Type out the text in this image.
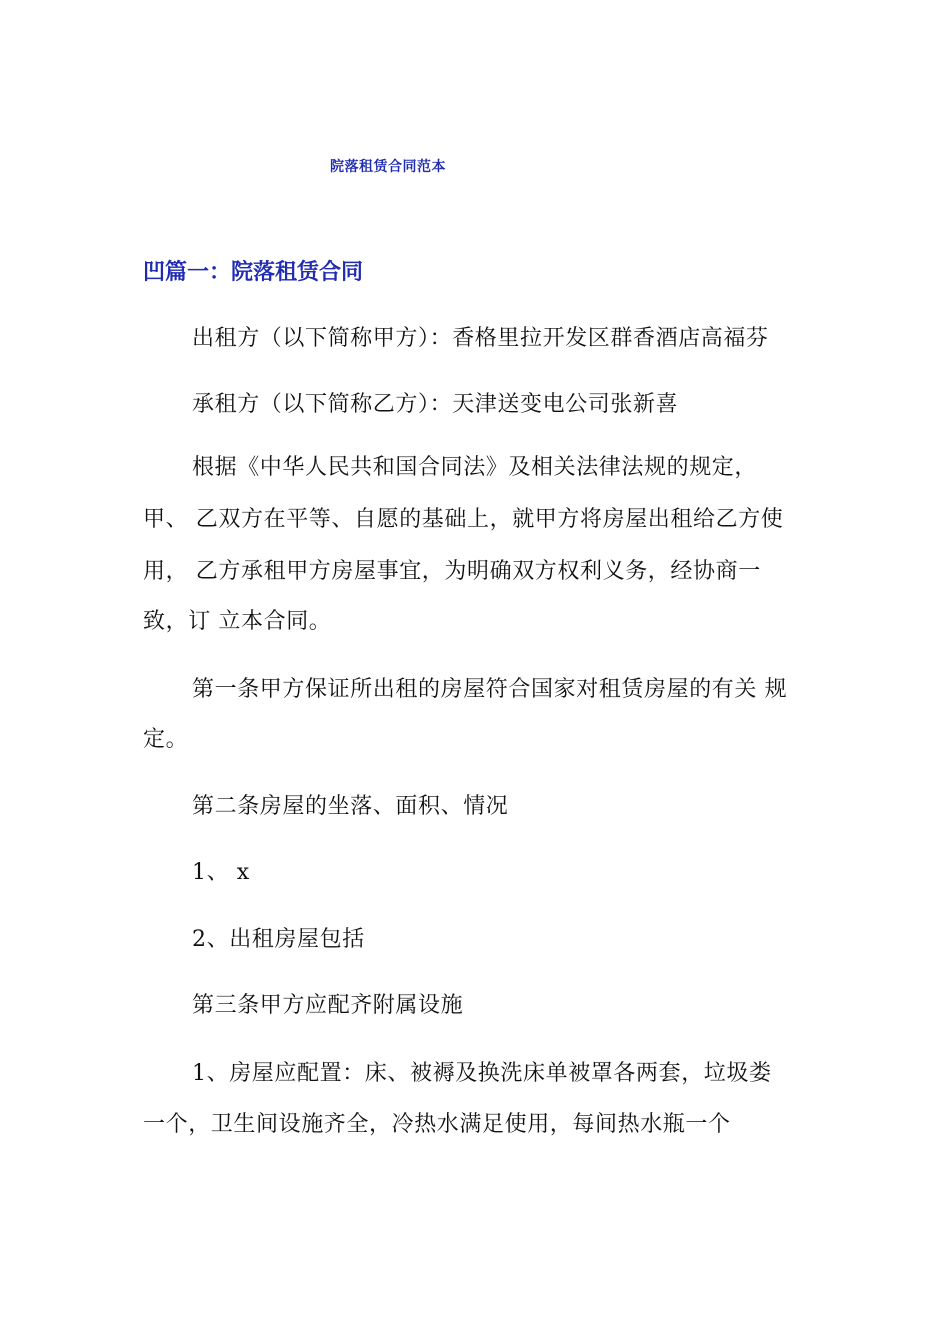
院落租赁合同范本
凹篇一：院落租赁合同
出租方（以下简称甲方）：香格里拉开发区群香酒店高福芬
承租方（以下简称乙方）：天津送变电公司张新喜
根据《中华人民共和国合同法》及相关法律法规的规定，
甲、 乙双方在平等、自愿的基础上，就甲方将房屋出租给乙方使
用， 乙方承租甲方房屋事宜，为明确双方权利义务，经协商一
致，订 立本合同。
第一条甲方保证所出租的房屋符合国家对租赁房屋的有关 规
定。
第二条房屋的坐落、面积、情况
1、 x
2、出租房屋包括
第三条甲方应配齐附属设施
1、房屋应配置：床、被褥及换洗床单被罩各两套，垃圾娄
一个，卫生间设施齐全，冷热水满足使用，每间热水瓶一个
